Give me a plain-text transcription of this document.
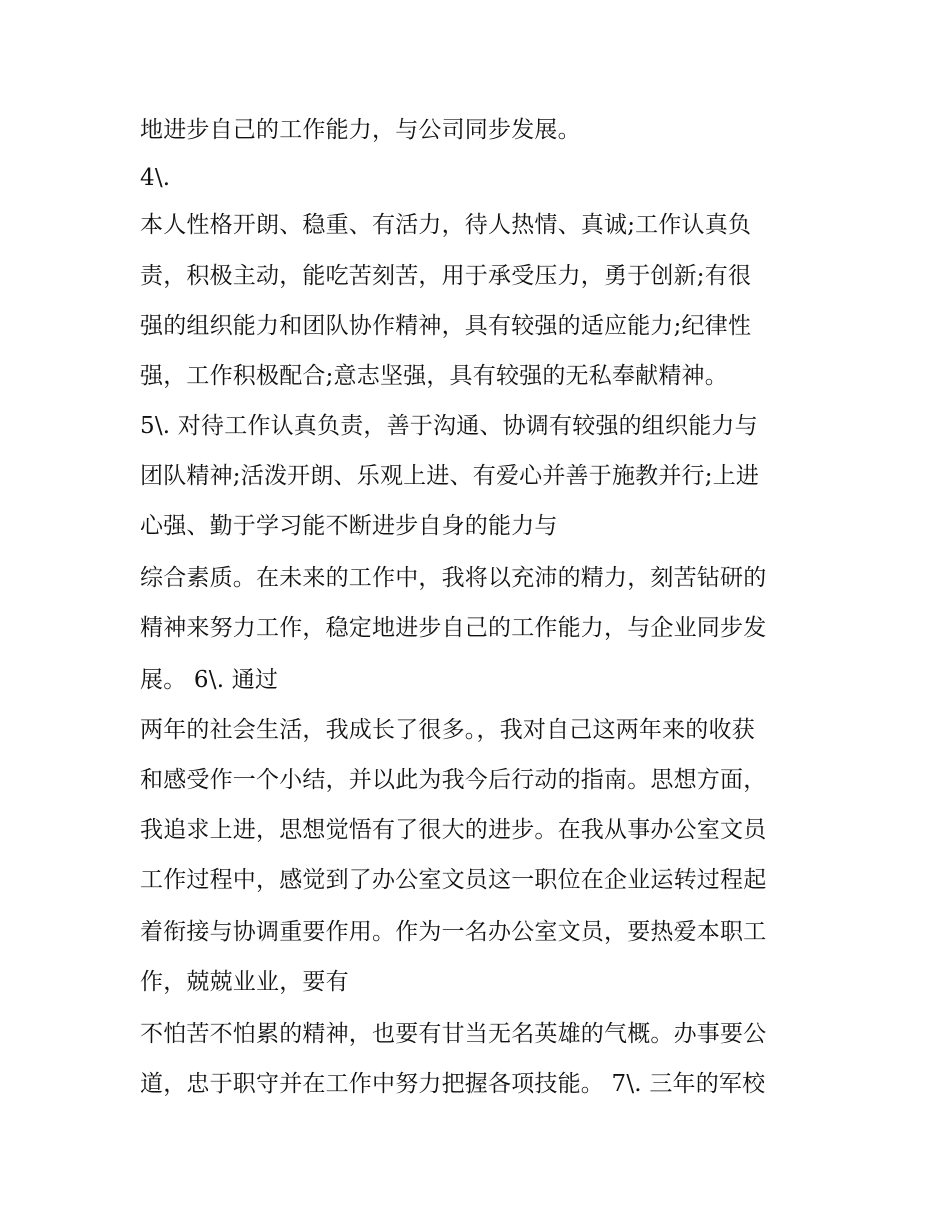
地进步自己的工作能力，与公司同步发展。
4\.
本人性格开朗、稳重、有活力，待人热情、真诚;工作认真负
责，积极主动，能吃苦刻苦，用于承受压力，勇于创新;有很
强的组织能力和团队协作精神，具有较强的适应能力;纪律性
强，工作积极配合;意志坚强，具有较强的无私奉献精神。
5\. 对待工作认真负责，善于沟通、协调有较强的组织能力与
团队精神;活泼开朗、乐观上进、有爱心并善于施教并行;上进
心强、勤于学习能不断进步自身的能力与
综合素质。在未来的工作中，我将以充沛的精力，刻苦钻研的
精神来努力工作，稳定地进步自己的工作能力，与企业同步发
展。 6\. 通过
两年的社会生活，我成长了很多。，我对自己这两年来的收获
和感受作一个小结，并以此为我今后行动的指南。思想方面，
我追求上进，思想觉悟有了很大的进步。在我从事办公室文员
工作过程中，感觉到了办公室文员这一职位在企业运转过程起
着衔接与协调重要作用。作为一名办公室文员，要热爱本职工
作，兢兢业业，要有
不怕苦不怕累的精神，也要有甘当无名英雄的气概。办事要公
道，忠于职守并在工作中努力把握各项技能。 7\. 三年的军校
